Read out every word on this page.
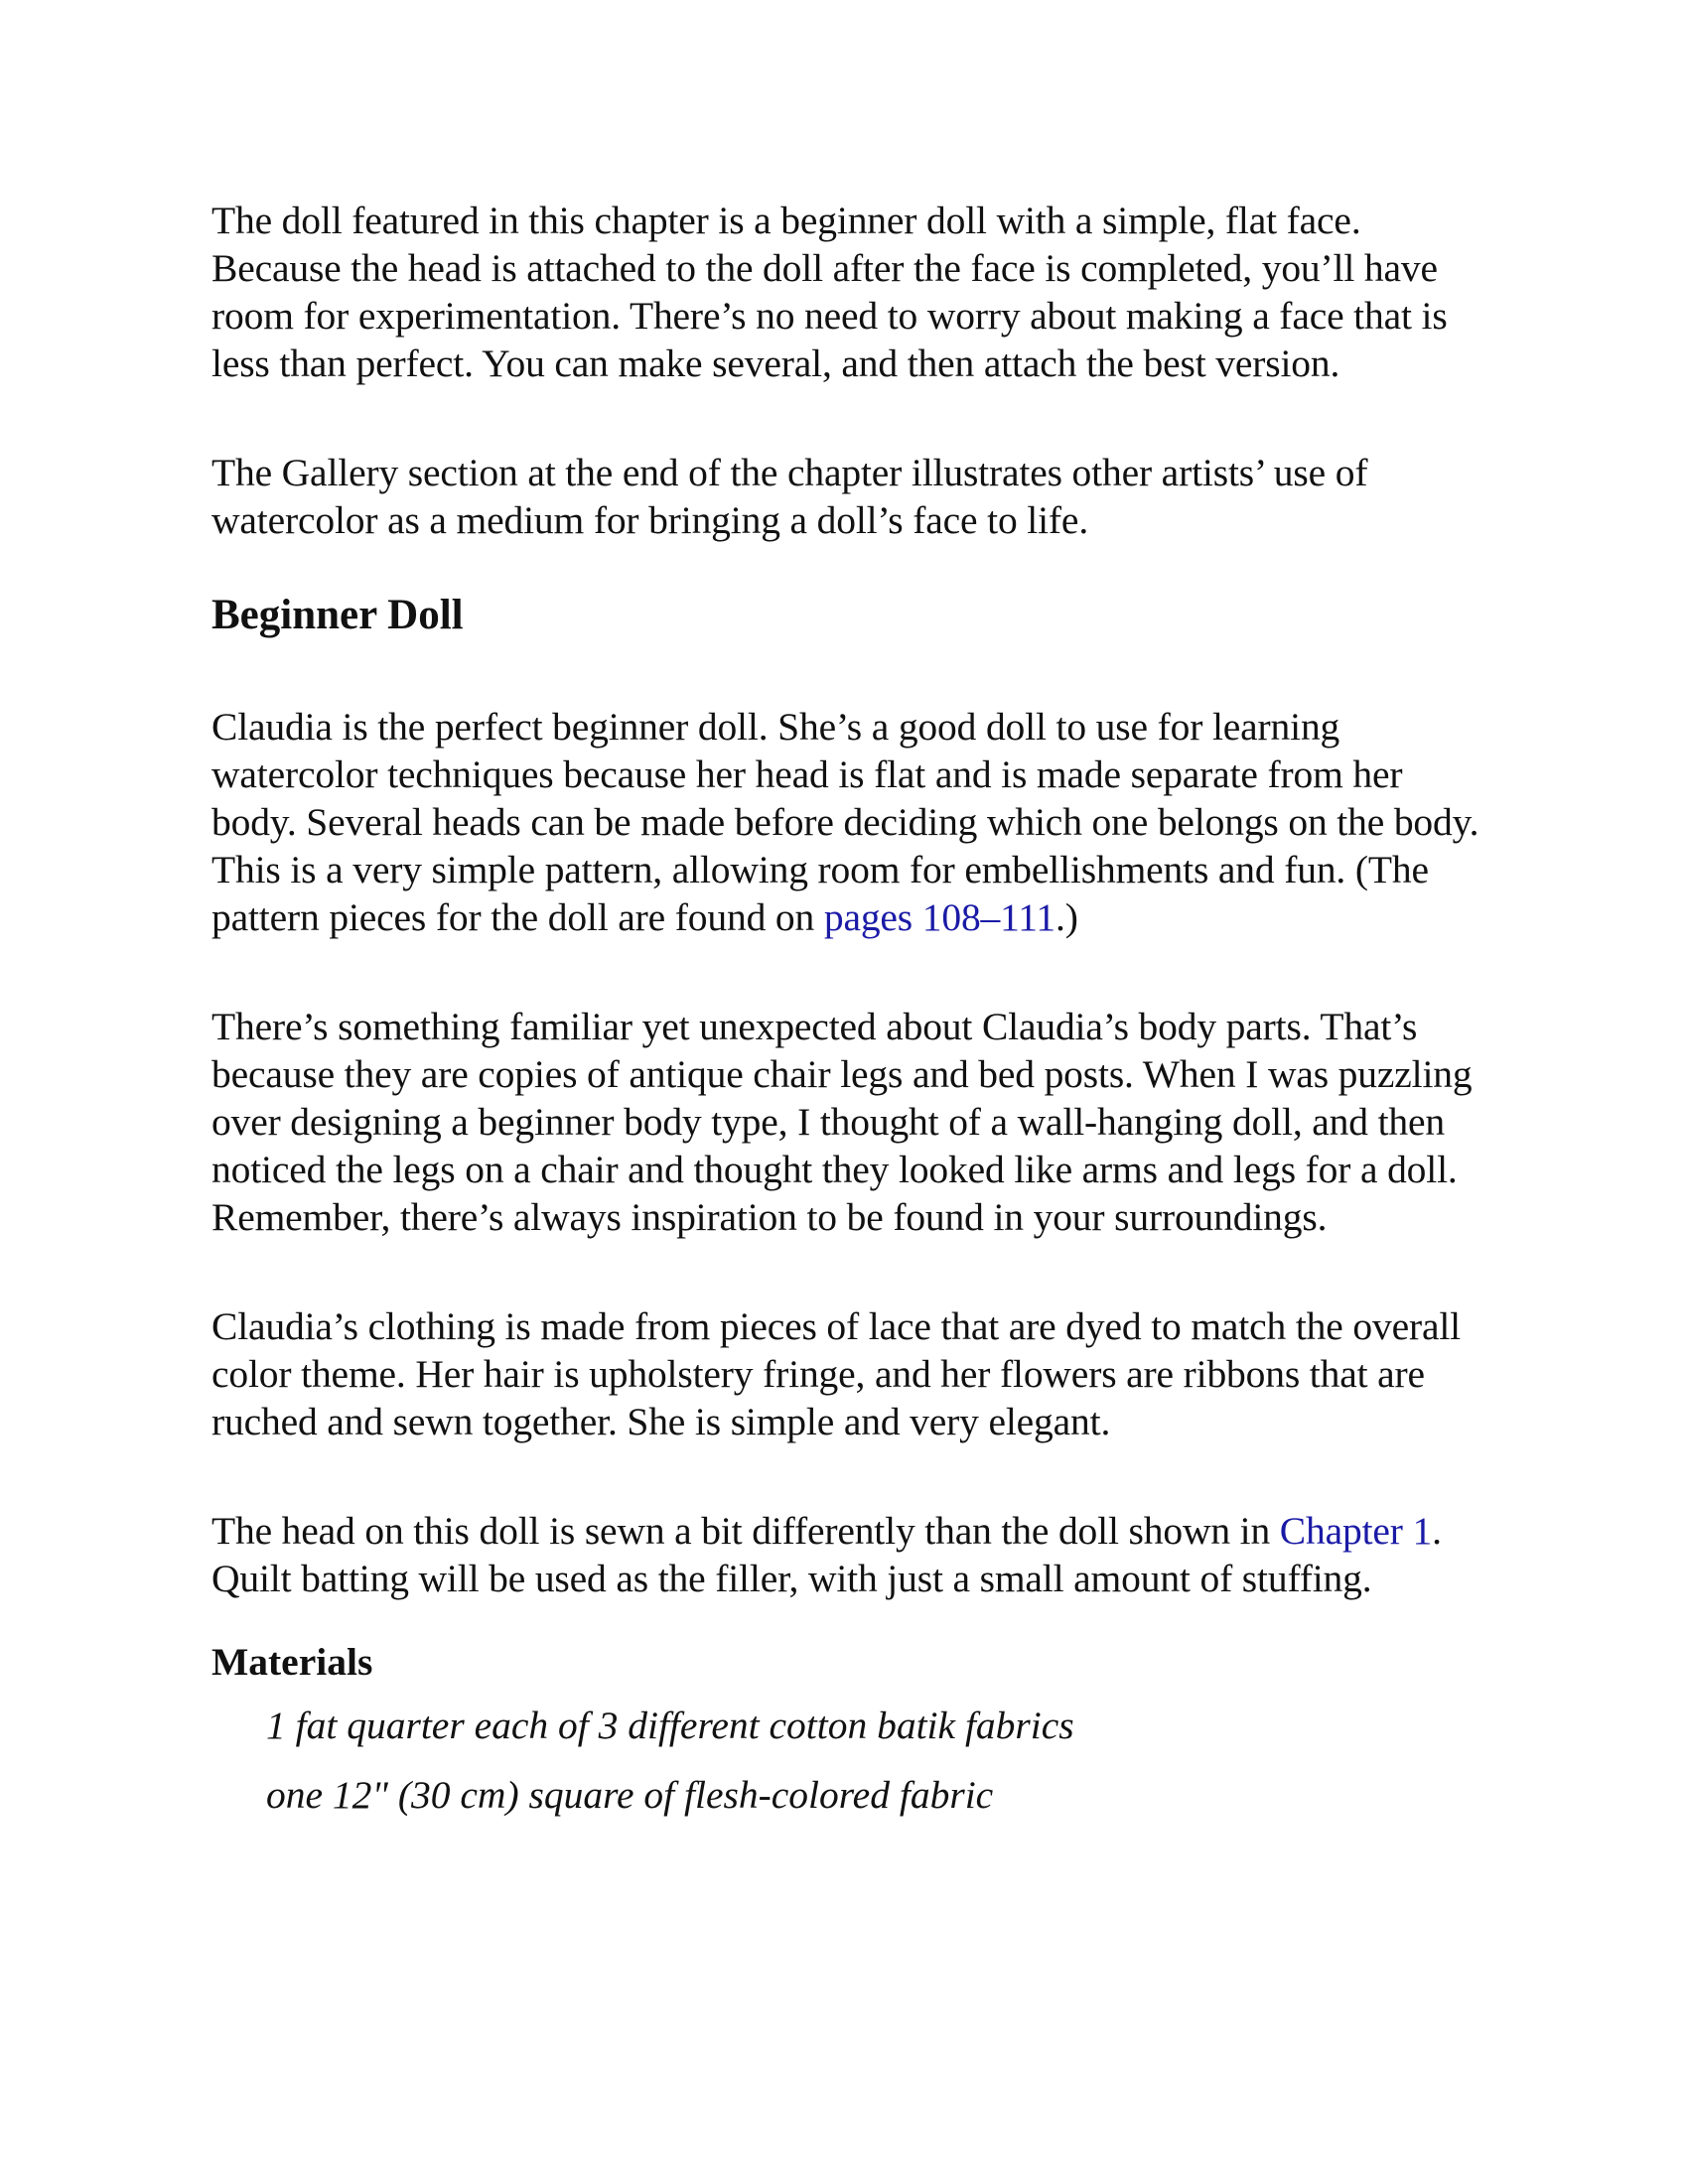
The doll featured in this chapter is a beginner doll with a simple, flat face. Because the head is attached to the doll after the face is completed, you’ll have room for experimentation. There’s no need to worry about making a face that is less than perfect. You can make several, and then attach the best version.

The Gallery section at the end of the chapter illustrates other artists’ use of watercolor as a medium for bringing a doll’s face to life.

Beginner Doll

Claudia is the perfect beginner doll. She’s a good doll to use for learning watercolor techniques because her head is flat and is made separate from her body. Several heads can be made before deciding which one belongs on the body. This is a very simple pattern, allowing room for embellishments and fun. (The pattern pieces for the doll are found on pages 108–111.)

There’s something familiar yet unexpected about Claudia’s body parts. That’s because they are copies of antique chair legs and bed posts. When I was puzzling over designing a beginner body type, I thought of a wall-hanging doll, and then noticed the legs on a chair and thought they looked like arms and legs for a doll. Remember, there’s always inspiration to be found in your surroundings.

Claudia’s clothing is made from pieces of lace that are dyed to match the overall color theme. Her hair is upholstery fringe, and her flowers are ribbons that are ruched and sewn together. She is simple and very elegant.

The head on this doll is sewn a bit differently than the doll shown in Chapter 1. Quilt batting will be used as the filler, with just a small amount of stuffing.

Materials
1 fat quarter each of 3 different cotton batik fabrics
one 12" (30 cm) square of flesh-colored fabric
